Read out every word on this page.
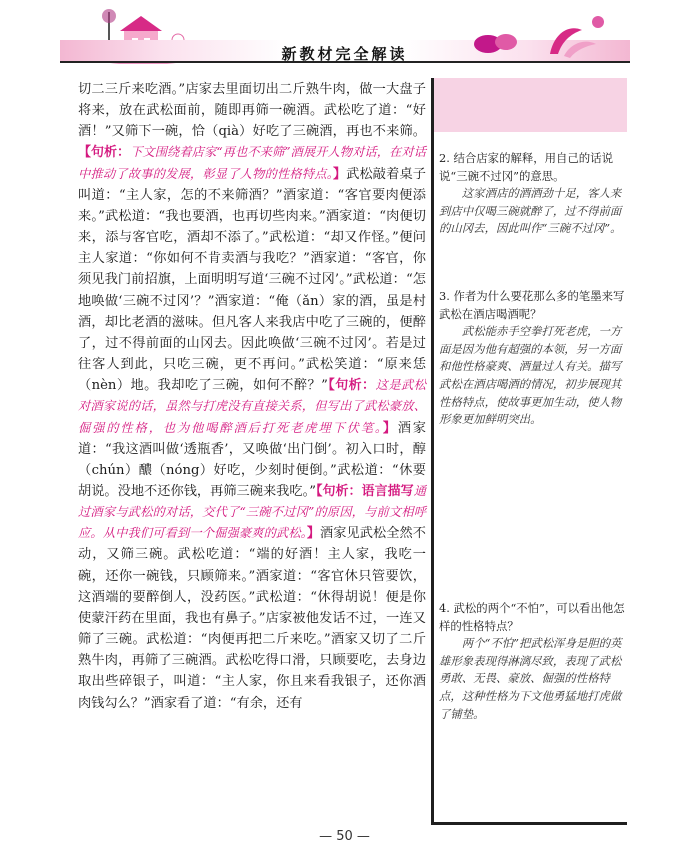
新教材完全解读

切二三斤来吃酒。”店家去里面切出二斤熟牛肉，做一大盘子将来，放在武松面前，随即再筛一碗酒。武松吃了道：“好酒！”又筛下一碗，恰（qià）好吃了三碗酒，再也不来筛。【句析：下文围绕着店家“再也不来筛”酒展开人物对话，在对话中推动了故事的发展，彰显了人物的性格特点。】武松敲着桌子叫道：“主人家，怎的不来筛酒？”酒家道：“客官要肉便添来。”武松道：“我也要酒，也再切些肉来。”酒家道：“肉便切来，添与客官吃，酒却不添了。”武松道：“却又作怪。”便问主人家道：“你如何不肯卖酒与我吃？”酒家道：“客官，你须见我门前招旗，上面明明写道‘三碗不过冈’。”武松道：“怎地唤做‘三碗不过冈’？”酒家道：“俺（ǎn）家的酒，虽是村酒，却比老酒的滋味。但凡客人来我店中吃了三碗的，便醉了，过不得前面的山冈去。因此唤做‘三碗不过冈’。若是过往客人到此，只吃三碗，更不再问。”武松笑道：“原来恁（nèn）地。我却吃了三碗，如何不醉？”【句析：这是武松对酒家说的话，虽然与打虎没有直接关系，但写出了武松豪放、倔强的性格，也为他喝醉酒后打死老虎埋下伏笔。】酒家道：“我这酒叫做‘透瓶香’，又唤做‘出门倒’。初入口时，醇（chún）醲（nóng）好吃，少刻时便倒。”武松道：“休要胡说。没地不还你钱，再筛三碗来我吃。”【句析：语言描写通过酒家与武松的对话，交代了“三碗不过冈”的原因，与前文相呼应。从中我们可看到一个倔强豪爽的武松。】酒家见武松全然不动，又筛三碗。武松吃道：“端的好酒！主人家，我吃一碗，还你一碗钱，只顾筛来。”酒家道：“客官休只管要饮，这酒端的要醉倒人，没药医。”武松道：“休得胡说！便是你使蒙汗药在里面，我也有鼻子。”店家被他发话不过，一连又筛了三碗。武松道：“肉便再把二斤来吃。”酒家又切了二斤熟牛肉，再筛了三碗酒。武松吃得口滑，只顾要吃，去身边取出些碎银子，叫道：“主人家，你且来看我银子，还你酒肉钱勾么？”酒家看了道：“有余，还有

2. 结合店家的解释，用自己的话说说“三碗不过冈”的意思。
这家酒店的酒酒劲十足，客人来到店中仅喝三碗就醉了，过不得前面的山冈去，因此叫作“三碗不过冈”。
3. 作者为什么要花那么多的笔墨来写武松在酒店喝酒呢？
武松能赤手空拳打死老虎，一方面是因为他有超强的本领，另一方面和他性格豪爽、酒量过人有关。描写武松在酒店喝酒的情况，初步展现其性格特点，使故事更加生动，使人物形象更加鲜明突出。
4. 武松的两个“不怕”，可以看出他怎样的性格特点？
两个“不怕”把武松浑身是胆的英雄形象表现得淋漓尽致，表现了武松勇敢、无畏、豪放、倔强的性格特点，这种性格为下文他勇猛地打虎做了铺垫。
— 50 —
